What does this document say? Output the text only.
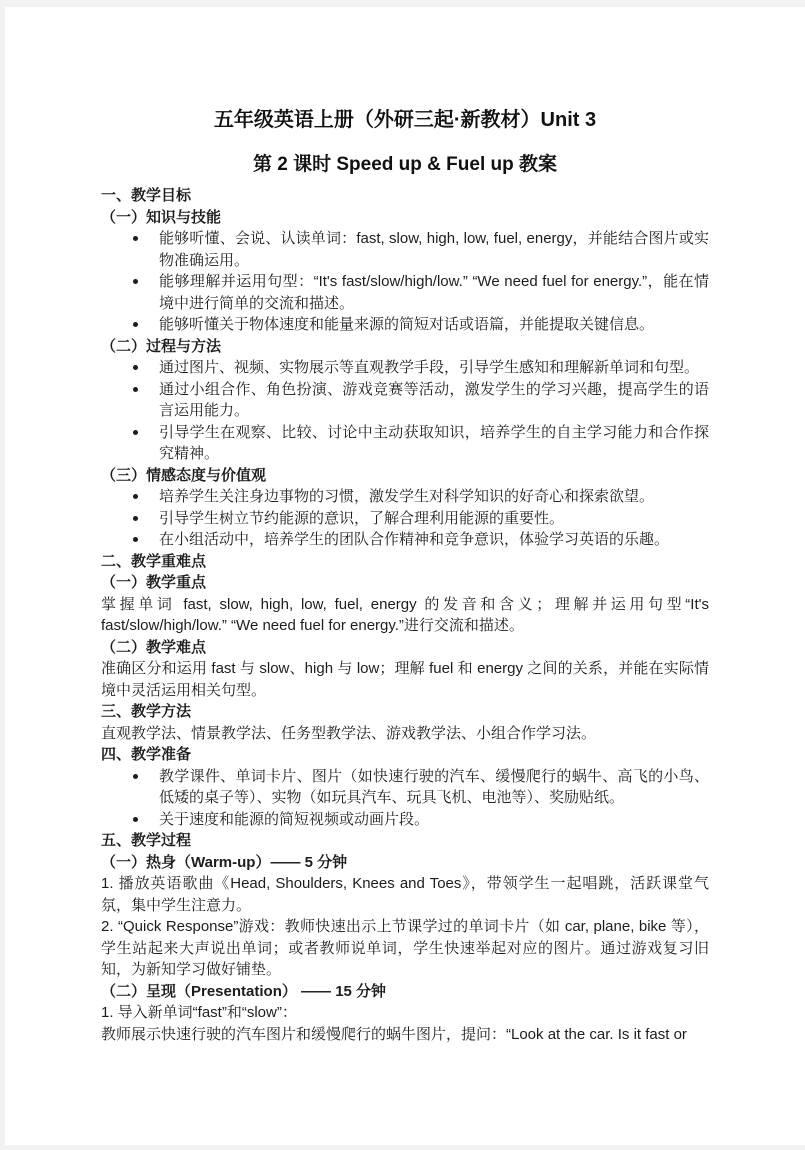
五年级英语上册（外研三起·新教材）Unit 3
第 2 课时 Speed up & Fuel up 教案
一、教学目标
（一）知识与技能
能够听懂、会说、认读单词：fast, slow, high, low, fuel, energy，并能结合图片或实物准确运用。
能够理解并运用句型：“It's fast/slow/high/low.” “We need fuel for energy.”，能在情境中进行简单的交流和描述。
能够听懂关于物体速度和能量来源的简短对话或语篇，并能提取关键信息。
（二）过程与方法
通过图片、视频、实物展示等直观教学手段，引导学生感知和理解新单词和句型。
通过小组合作、角色扮演、游戏竞赛等活动，激发学生的学习兴趣，提高学生的语言运用能力。
引导学生在观察、比较、讨论中主动获取知识，培养学生的自主学习能力和合作探究精神。
（三）情感态度与价值观
培养学生关注身边事物的习惯，激发学生对科学知识的好奇心和探索欲望。
引导学生树立节约能源的意识，了解合理利用能源的重要性。
在小组活动中，培养学生的团队合作精神和竞争意识，体验学习英语的乐趣。
二、教学重难点
（一）教学重点
掌握单词 fast, slow, high, low, fuel, energy 的发音和含义；理解并运用句型“It's fast/slow/high/low.” “We need fuel for energy.”进行交流和描述。
（二）教学难点
准确区分和运用 fast 与 slow、high 与 low；理解 fuel 和 energy 之间的关系，并能在实际情境中灵活运用相关句型。
三、教学方法
直观教学法、情景教学法、任务型教学法、游戏教学法、小组合作学习法。
四、教学准备
教学课件、单词卡片、图片（如快速行驶的汽车、缓慢爬行的蜗牛、高飞的小鸟、低矮的桌子等）、实物（如玩具汽车、玩具飞机、电池等）、奖励贴纸。
关于速度和能源的简短视频或动画片段。
五、教学过程
（一）热身（Warm-up）—— 5 分钟
1. 播放英语歌曲《Head, Shoulders, Knees and Toes》，带领学生一起唱跳，活跃课堂气氛，集中学生注意力。
2. “Quick Response”游戏：教师快速出示上节课学过的单词卡片（如 car, plane, bike 等），学生站起来大声说出单词；或者教师说单词，学生快速举起对应的图片。通过游戏复习旧知，为新知学习做好铺垫。
（二）呈现（Presentation） —— 15 分钟
1. 导入新单词“fast”和“slow”：
教师展示快速行驶的汽车图片和缓慢爬行的蜗牛图片，提问：“Look at the car. Is it fast or
